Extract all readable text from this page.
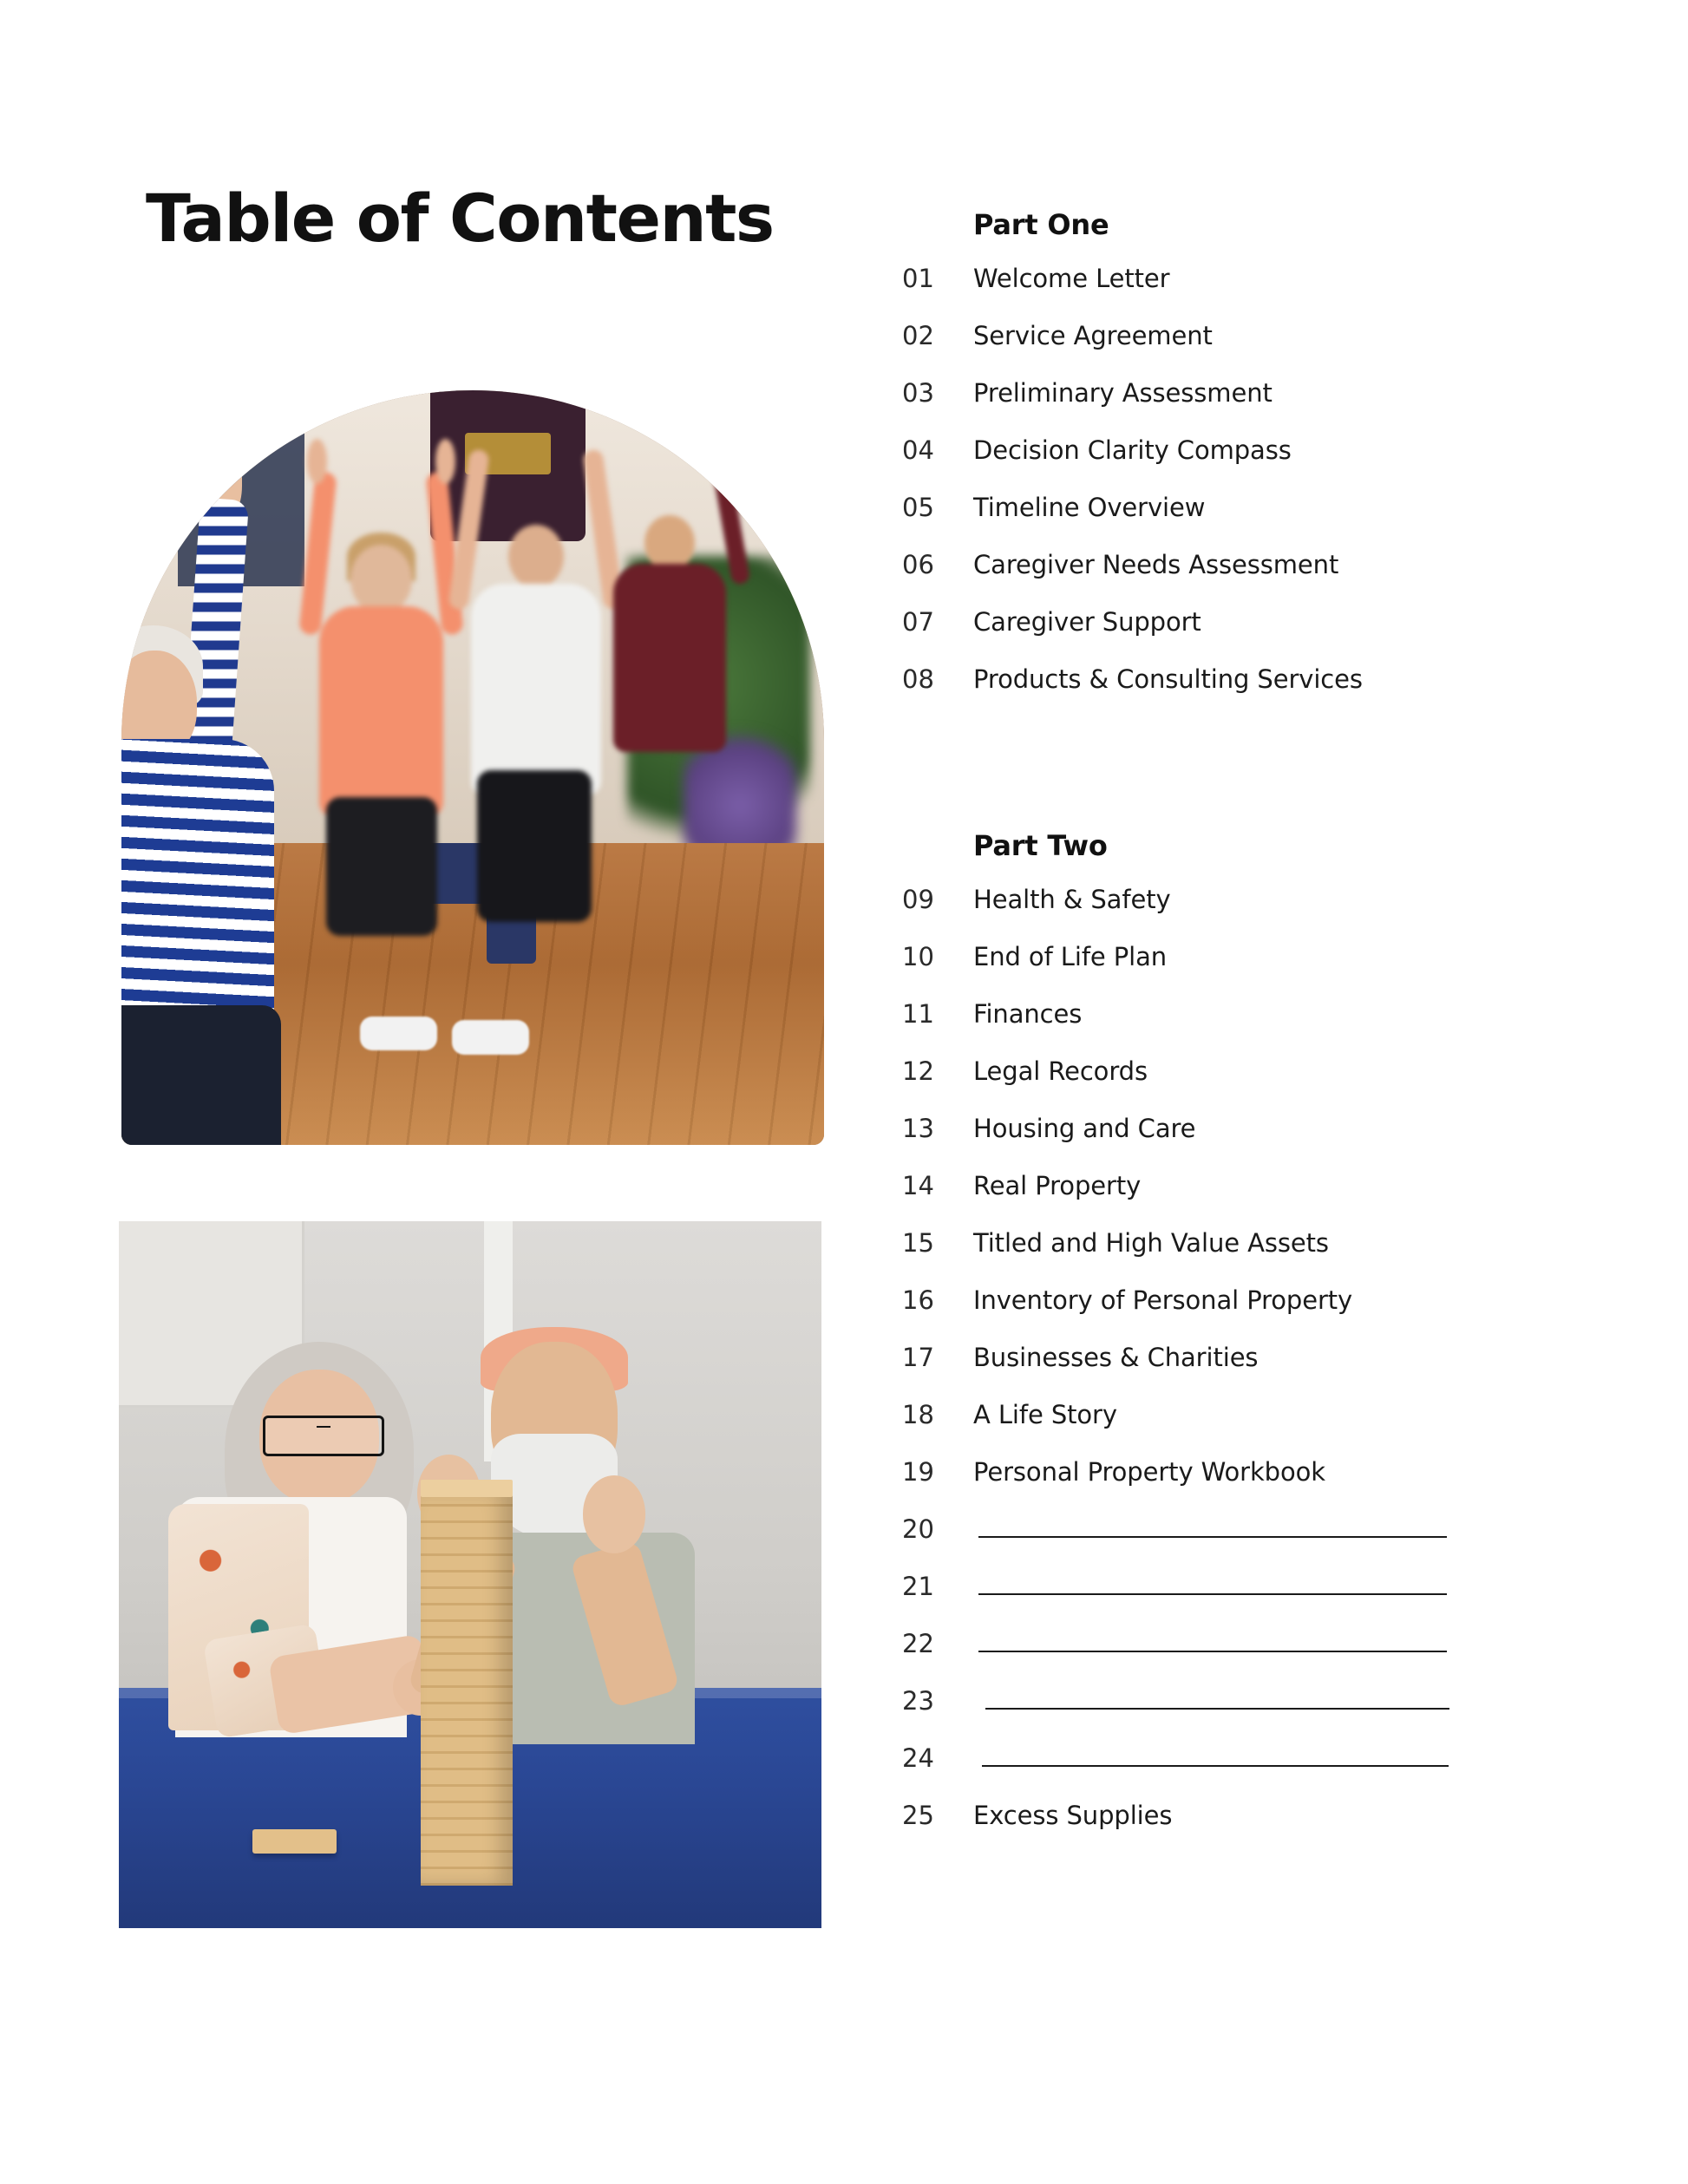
Table of Contents	Part One
01	Welcome Letter
02	Service Agreement
03	Preliminary Assessment
04	Decision Clarity Compass
05	Timeline Overview
06	Caregiver Needs Assessment
07	Caregiver Support
08	Products & Consulting Services
Part Two
09	Health & Safety
10	End of Life Plan
11	Finances
12	Legal Records
13	Housing and Care
14	Real Property
15	Titled and High Value Assets
16	Inventory of Personal Property
17	Businesses & Charities
18	A Life Story
19	Personal Property Workbook
20
21
22
23
24
25	Excess Supplies
